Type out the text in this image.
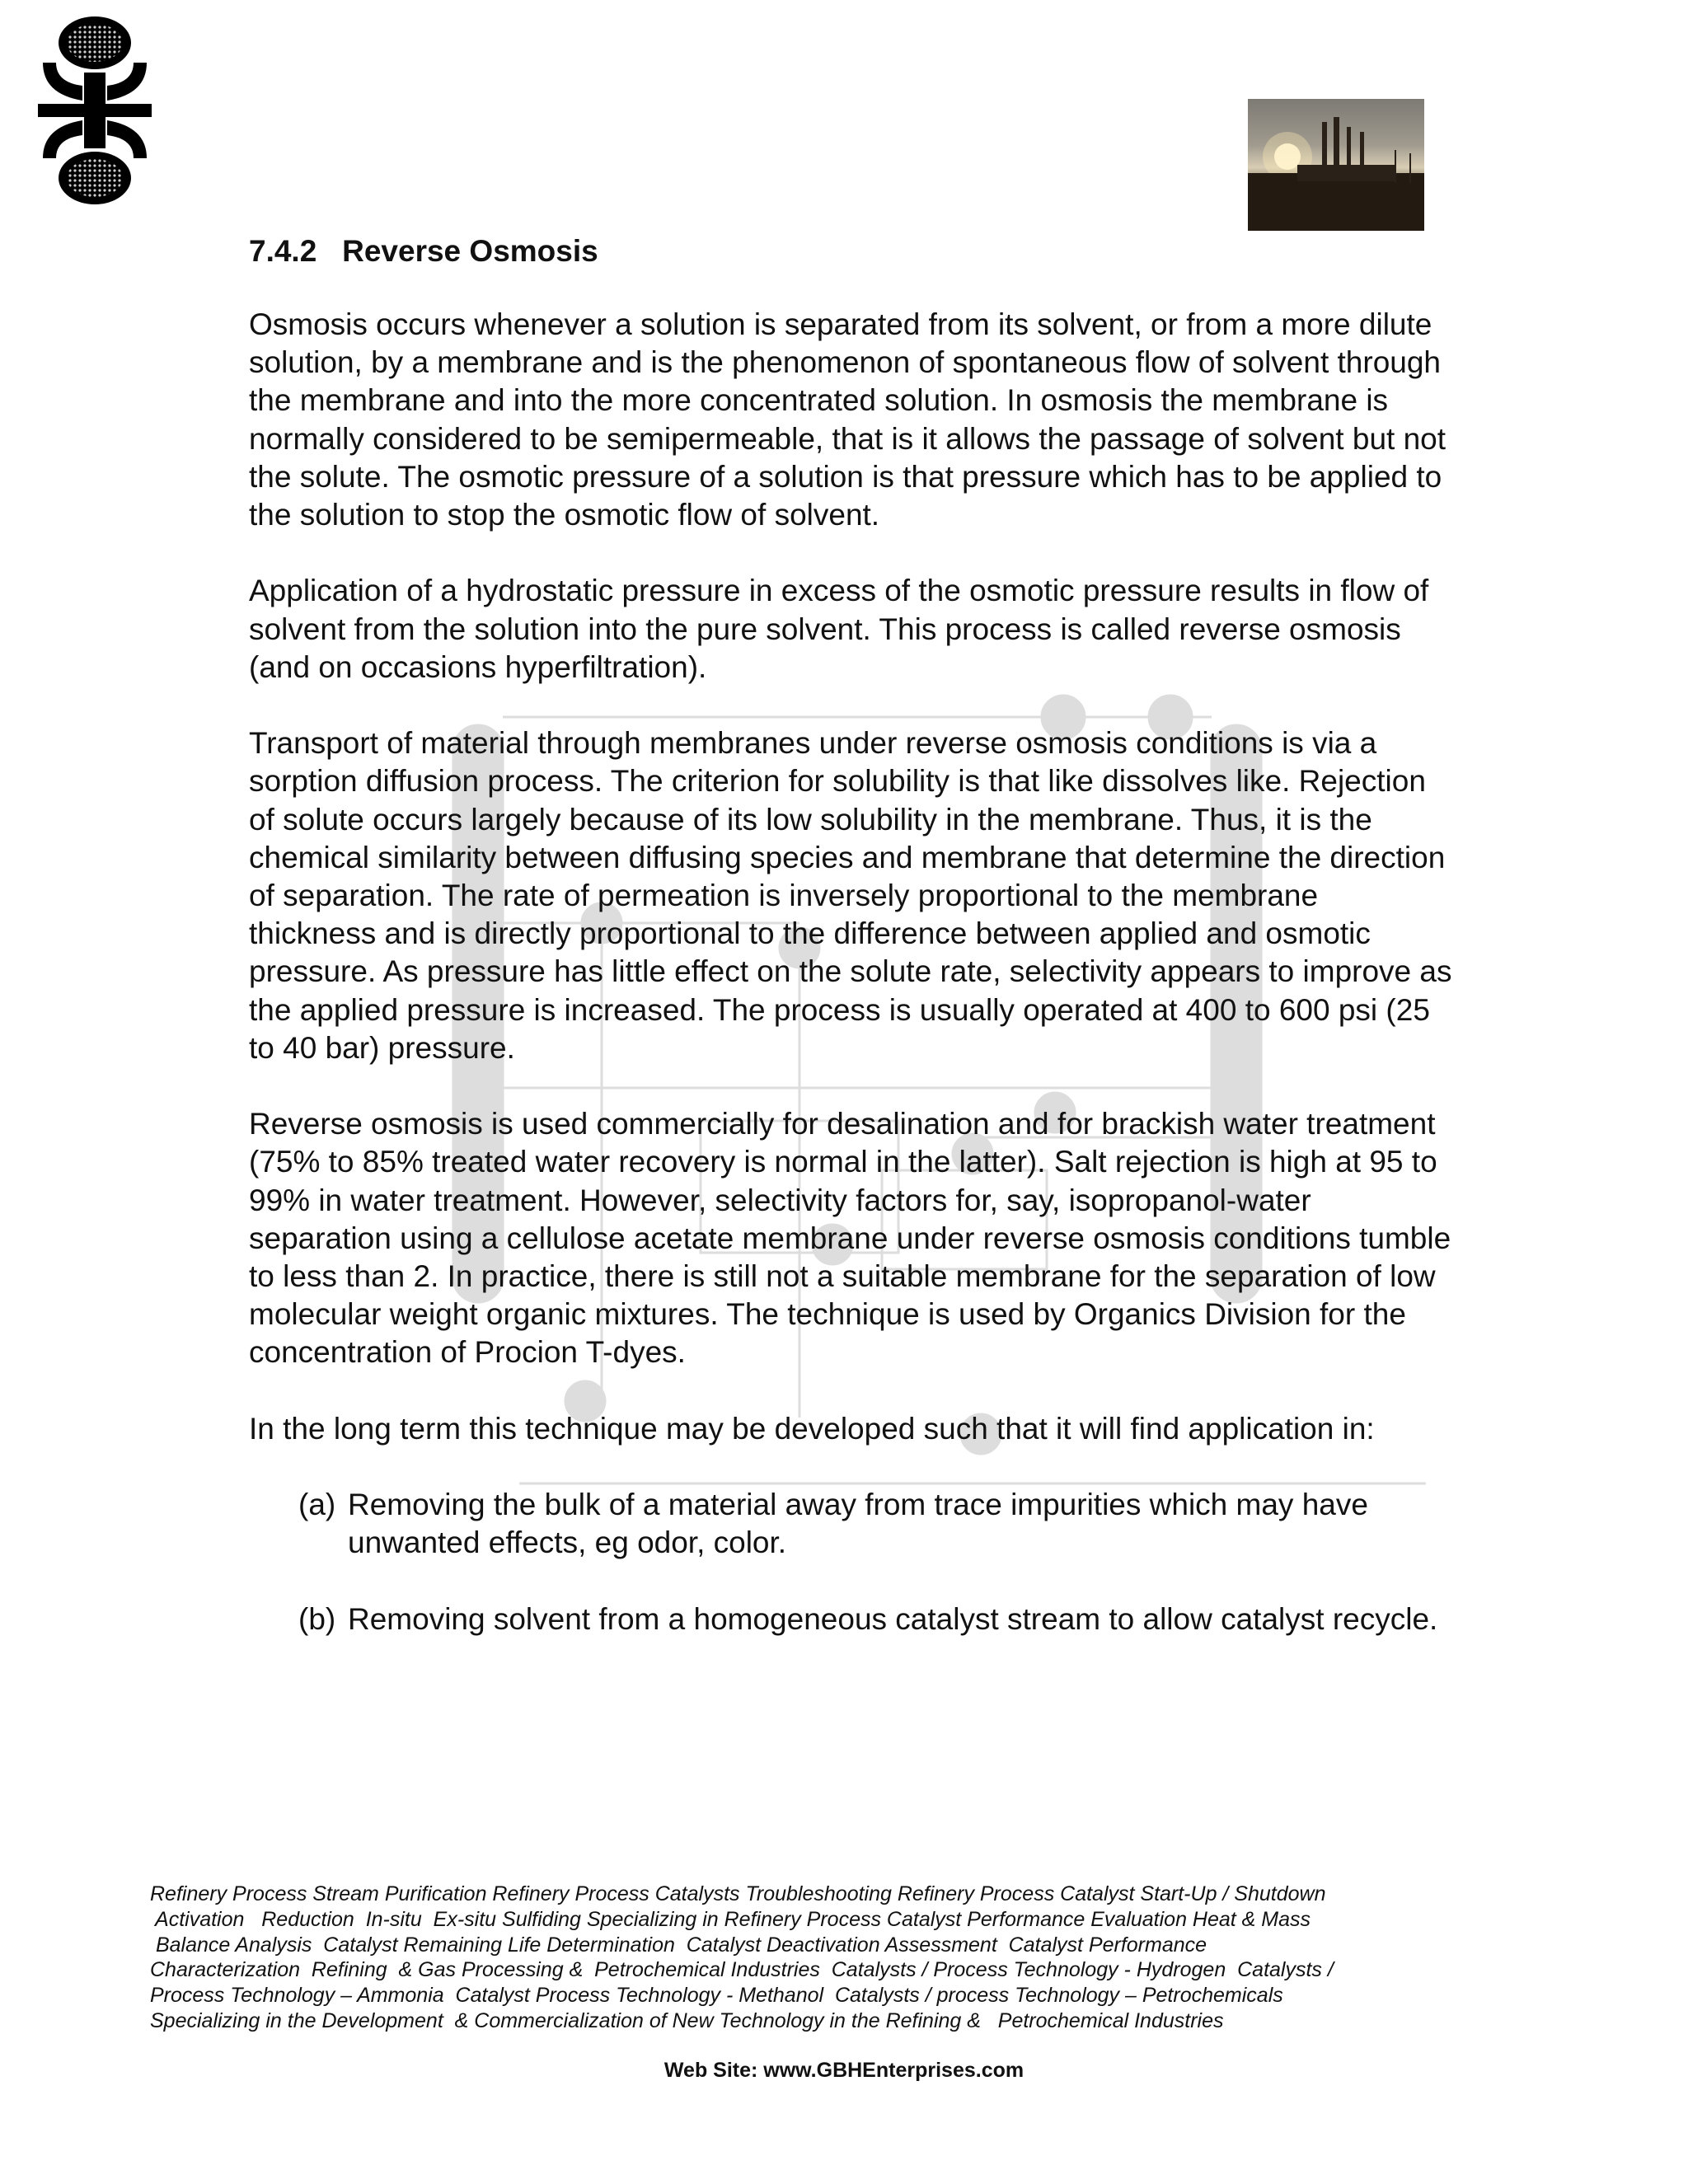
7.4.2   Reverse Osmosis

Osmosis occurs whenever a solution is separated from its solvent, or from a more dilute solution, by a membrane and is the phenomenon of spontaneous flow of solvent through the membrane and into the more concentrated solution. In osmosis the membrane is normally considered to be semipermeable, that is it allows the passage of solvent but not the solute. The osmotic pressure of a solution is that pressure which has to be applied to the solution to stop the osmotic flow of solvent.

Application of a hydrostatic pressure in excess of the osmotic pressure results in flow of solvent from the solution into the pure solvent. This process is called reverse osmosis (and on occasions hyperfiltration).

Transport of material through membranes under reverse osmosis conditions is via a sorption diffusion process. The criterion for solubility is that like dissolves like. Rejection of solute occurs largely because of its low solubility in the membrane. Thus, it is the chemical similarity between diffusing species and membrane that determine the direction of separation. The rate of permeation is inversely proportional to the membrane thickness and is directly proportional to the difference between applied and osmotic pressure. As pressure has little effect on the solute rate, selectivity appears to improve as the applied pressure is increased. The process is usually operated at 400 to 600 psi (25 to 40 bar) pressure.

Reverse osmosis is used commercially for desalination and for brackish water treatment (75% to 85% treated water recovery is normal in the latter). Salt rejection is high at 95 to 99% in water treatment. However, selectivity factors for, say, isopropanol-water separation using a cellulose acetate membrane under reverse osmosis conditions tumble to less than 2. In practice, there is still not a suitable membrane for the separation of low molecular weight organic mixtures. The technique is used by Organics Division for the concentration of Procion T-dyes.

In the long term this technique may be developed such that it will find application in:

(a) Removing the bulk of a material away from trace impurities which may have unwanted effects, eg odor, color.
(b) Removing solvent from a homogeneous catalyst stream to allow catalyst recycle.
Refinery Process Stream Purification Refinery Process Catalysts Troubleshooting Refinery Process Catalyst Start-Up / Shutdown
Activation   Reduction  In-situ  Ex-situ Sulfiding Specializing in Refinery Process Catalyst Performance Evaluation Heat & Mass
Balance Analysis  Catalyst Remaining Life Determination  Catalyst Deactivation Assessment  Catalyst Performance
Characterization  Refining  & Gas Processing &  Petrochemical Industries  Catalysts / Process Technology - Hydrogen  Catalysts /
Process Technology – Ammonia  Catalyst Process Technology - Methanol  Catalysts / process Technology – Petrochemicals
Specializing in the Development  & Commercialization of New Technology in the Refining &   Petrochemical Industries
Web Site: www.GBHEnterprises.com
